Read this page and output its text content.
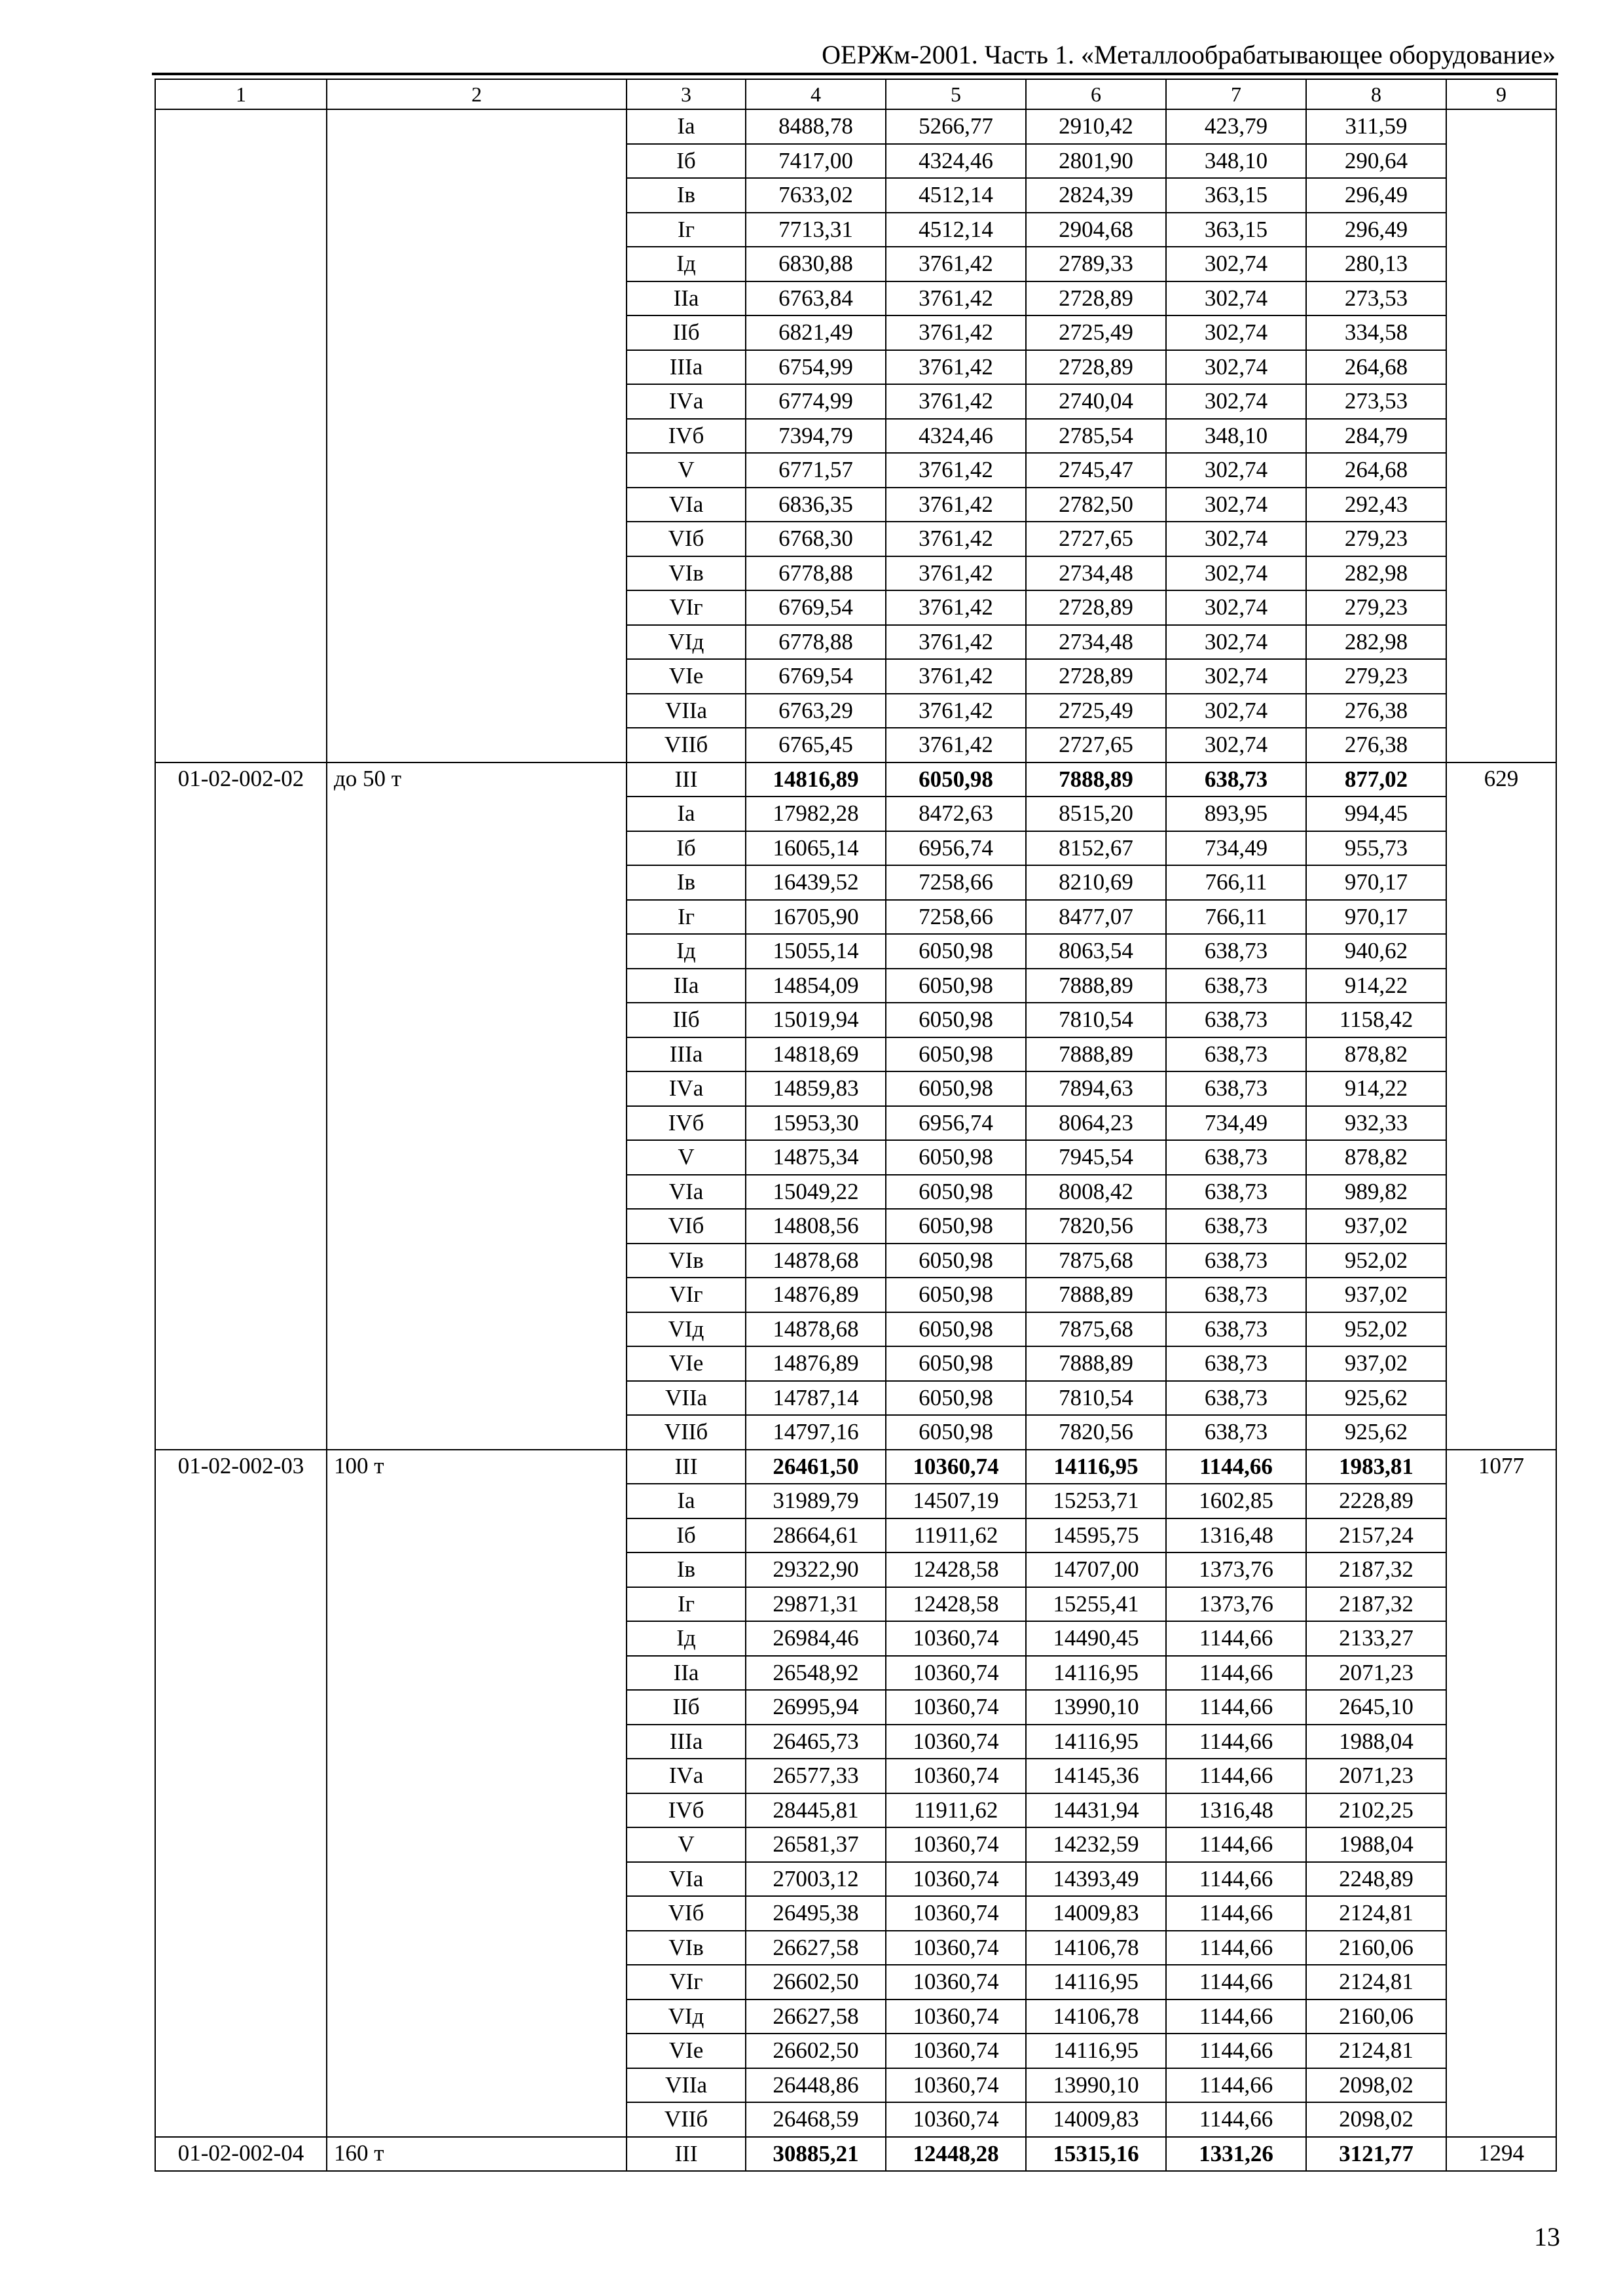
ОЕРЖм-2001. Часть 1. «Металлообрабатывающее оборудование»
1	2	3	4	5	6	7	8	9
		Iа	8488,78	5266,77	2910,42	423,79	311,59	
		Iб	7417,00	4324,46	2801,90	348,10	290,64	
		Iв	7633,02	4512,14	2824,39	363,15	296,49	
		Iг	7713,31	4512,14	2904,68	363,15	296,49	
		Iд	6830,88	3761,42	2789,33	302,74	280,13	
		IIа	6763,84	3761,42	2728,89	302,74	273,53	
		IIб	6821,49	3761,42	2725,49	302,74	334,58	
		IIIа	6754,99	3761,42	2728,89	302,74	264,68	
		IVа	6774,99	3761,42	2740,04	302,74	273,53	
		IVб	7394,79	4324,46	2785,54	348,10	284,79	
		V	6771,57	3761,42	2745,47	302,74	264,68	
		VIа	6836,35	3761,42	2782,50	302,74	292,43	
		VIб	6768,30	3761,42	2727,65	302,74	279,23	
		VIв	6778,88	3761,42	2734,48	302,74	282,98	
		VIг	6769,54	3761,42	2728,89	302,74	279,23	
		VIд	6778,88	3761,42	2734,48	302,74	282,98	
		VIе	6769,54	3761,42	2728,89	302,74	279,23	
		VIIа	6763,29	3761,42	2725,49	302,74	276,38	
		VIIб	6765,45	3761,42	2727,65	302,74	276,38	
01-02-002-02	до 50 т	III	14816,89	6050,98	7888,89	638,73	877,02	629
		Iа	17982,28	8472,63	8515,20	893,95	994,45	
		Iб	16065,14	6956,74	8152,67	734,49	955,73	
		Iв	16439,52	7258,66	8210,69	766,11	970,17	
		Iг	16705,90	7258,66	8477,07	766,11	970,17	
		Iд	15055,14	6050,98	8063,54	638,73	940,62	
		IIа	14854,09	6050,98	7888,89	638,73	914,22	
		IIб	15019,94	6050,98	7810,54	638,73	1158,42	
		IIIа	14818,69	6050,98	7888,89	638,73	878,82	
		IVа	14859,83	6050,98	7894,63	638,73	914,22	
		IVб	15953,30	6956,74	8064,23	734,49	932,33	
		V	14875,34	6050,98	7945,54	638,73	878,82	
		VIа	15049,22	6050,98	8008,42	638,73	989,82	
		VIб	14808,56	6050,98	7820,56	638,73	937,02	
		VIв	14878,68	6050,98	7875,68	638,73	952,02	
		VIг	14876,89	6050,98	7888,89	638,73	937,02	
		VIд	14878,68	6050,98	7875,68	638,73	952,02	
		VIе	14876,89	6050,98	7888,89	638,73	937,02	
		VIIа	14787,14	6050,98	7810,54	638,73	925,62	
		VIIб	14797,16	6050,98	7820,56	638,73	925,62	
01-02-002-03	100 т	III	26461,50	10360,74	14116,95	1144,66	1983,81	1077
		Iа	31989,79	14507,19	15253,71	1602,85	2228,89	
		Iб	28664,61	11911,62	14595,75	1316,48	2157,24	
		Iв	29322,90	12428,58	14707,00	1373,76	2187,32	
		Iг	29871,31	12428,58	15255,41	1373,76	2187,32	
		Iд	26984,46	10360,74	14490,45	1144,66	2133,27	
		IIа	26548,92	10360,74	14116,95	1144,66	2071,23	
		IIб	26995,94	10360,74	13990,10	1144,66	2645,10	
		IIIа	26465,73	10360,74	14116,95	1144,66	1988,04	
		IVа	26577,33	10360,74	14145,36	1144,66	2071,23	
		IVб	28445,81	11911,62	14431,94	1316,48	2102,25	
		V	26581,37	10360,74	14232,59	1144,66	1988,04	
		VIа	27003,12	10360,74	14393,49	1144,66	2248,89	
		VIб	26495,38	10360,74	14009,83	1144,66	2124,81	
		VIв	26627,58	10360,74	14106,78	1144,66	2160,06	
		VIг	26602,50	10360,74	14116,95	1144,66	2124,81	
		VIд	26627,58	10360,74	14106,78	1144,66	2160,06	
		VIе	26602,50	10360,74	14116,95	1144,66	2124,81	
		VIIа	26448,86	10360,74	13990,10	1144,66	2098,02	
		VIIб	26468,59	10360,74	14009,83	1144,66	2098,02	
01-02-002-04	160 т	III	30885,21	12448,28	15315,16	1331,26	3121,77	1294
13
